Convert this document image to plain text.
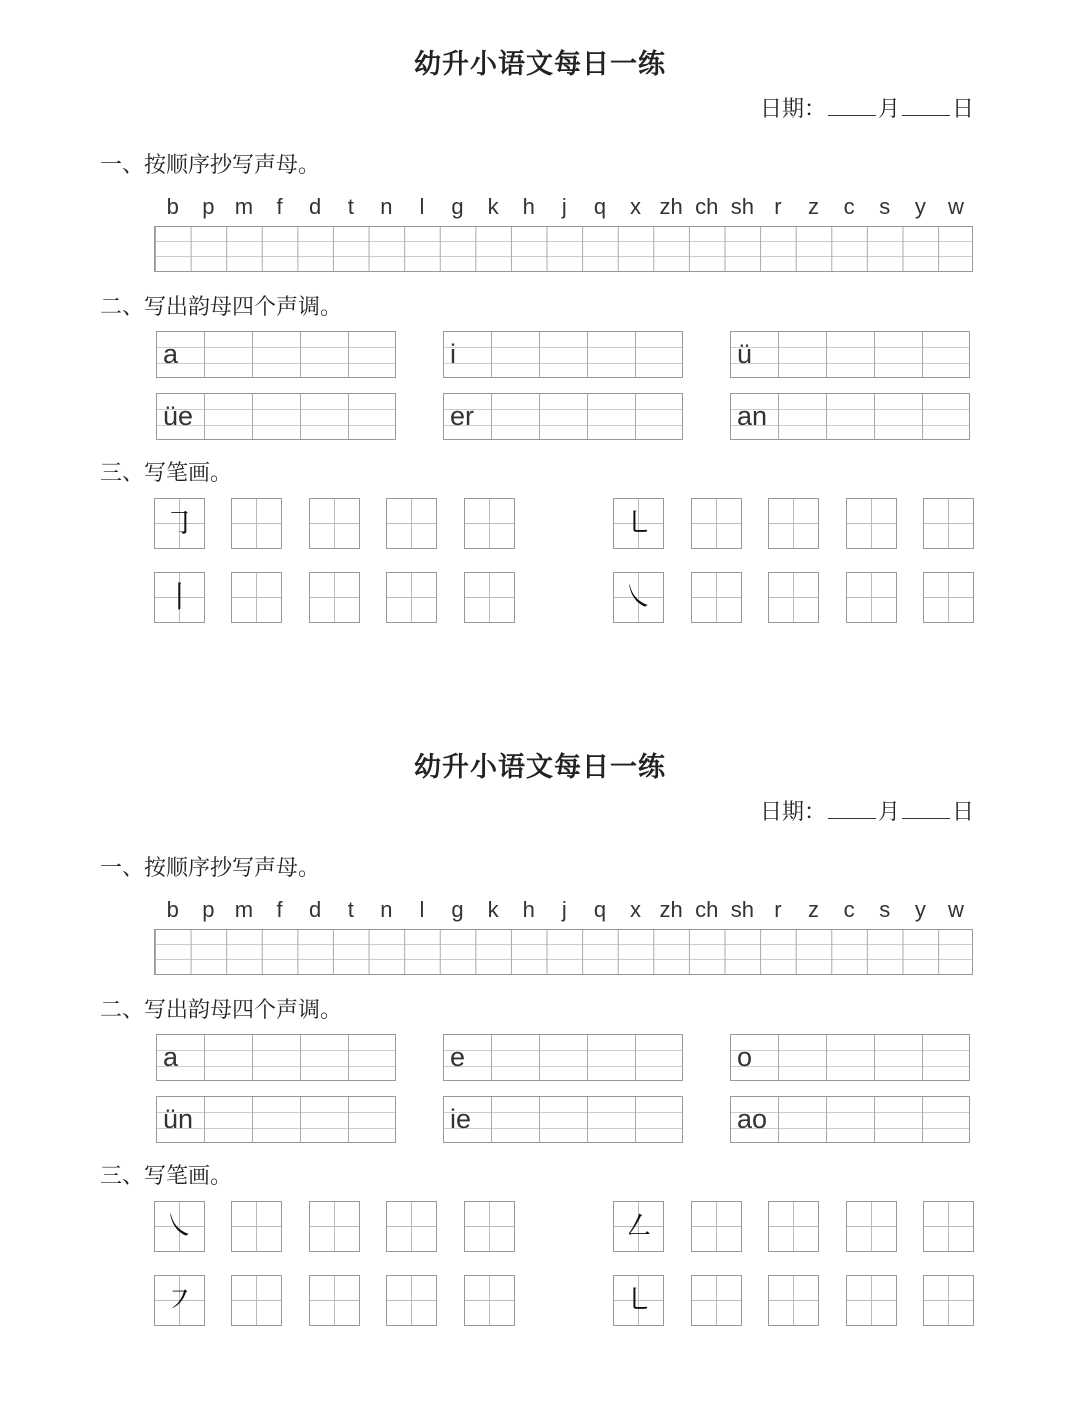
幼升小语文每日一练
日期： 月 日
一、按顺序抄写声母。
b	p m	f	d	t	n	l	g	k	h	j	q	x zh ch sh r	z	c	s	y	w
二、写出韵母四个声调。
a	i	ü
üe	er	an
三、写笔画。
㇆	㇄
丨	㇏
幼升小语文每日一练
日期： 月 日
一、按顺序抄写声母。
b	p m	f	d	t	n	l	g	k	h	j	q	x zh ch sh r	z	c	s	y	w
二、写出韵母四个声调。
a	e	o
ün	ie	ao
三、写笔画。
㇏	㇜
㇇	㇄
